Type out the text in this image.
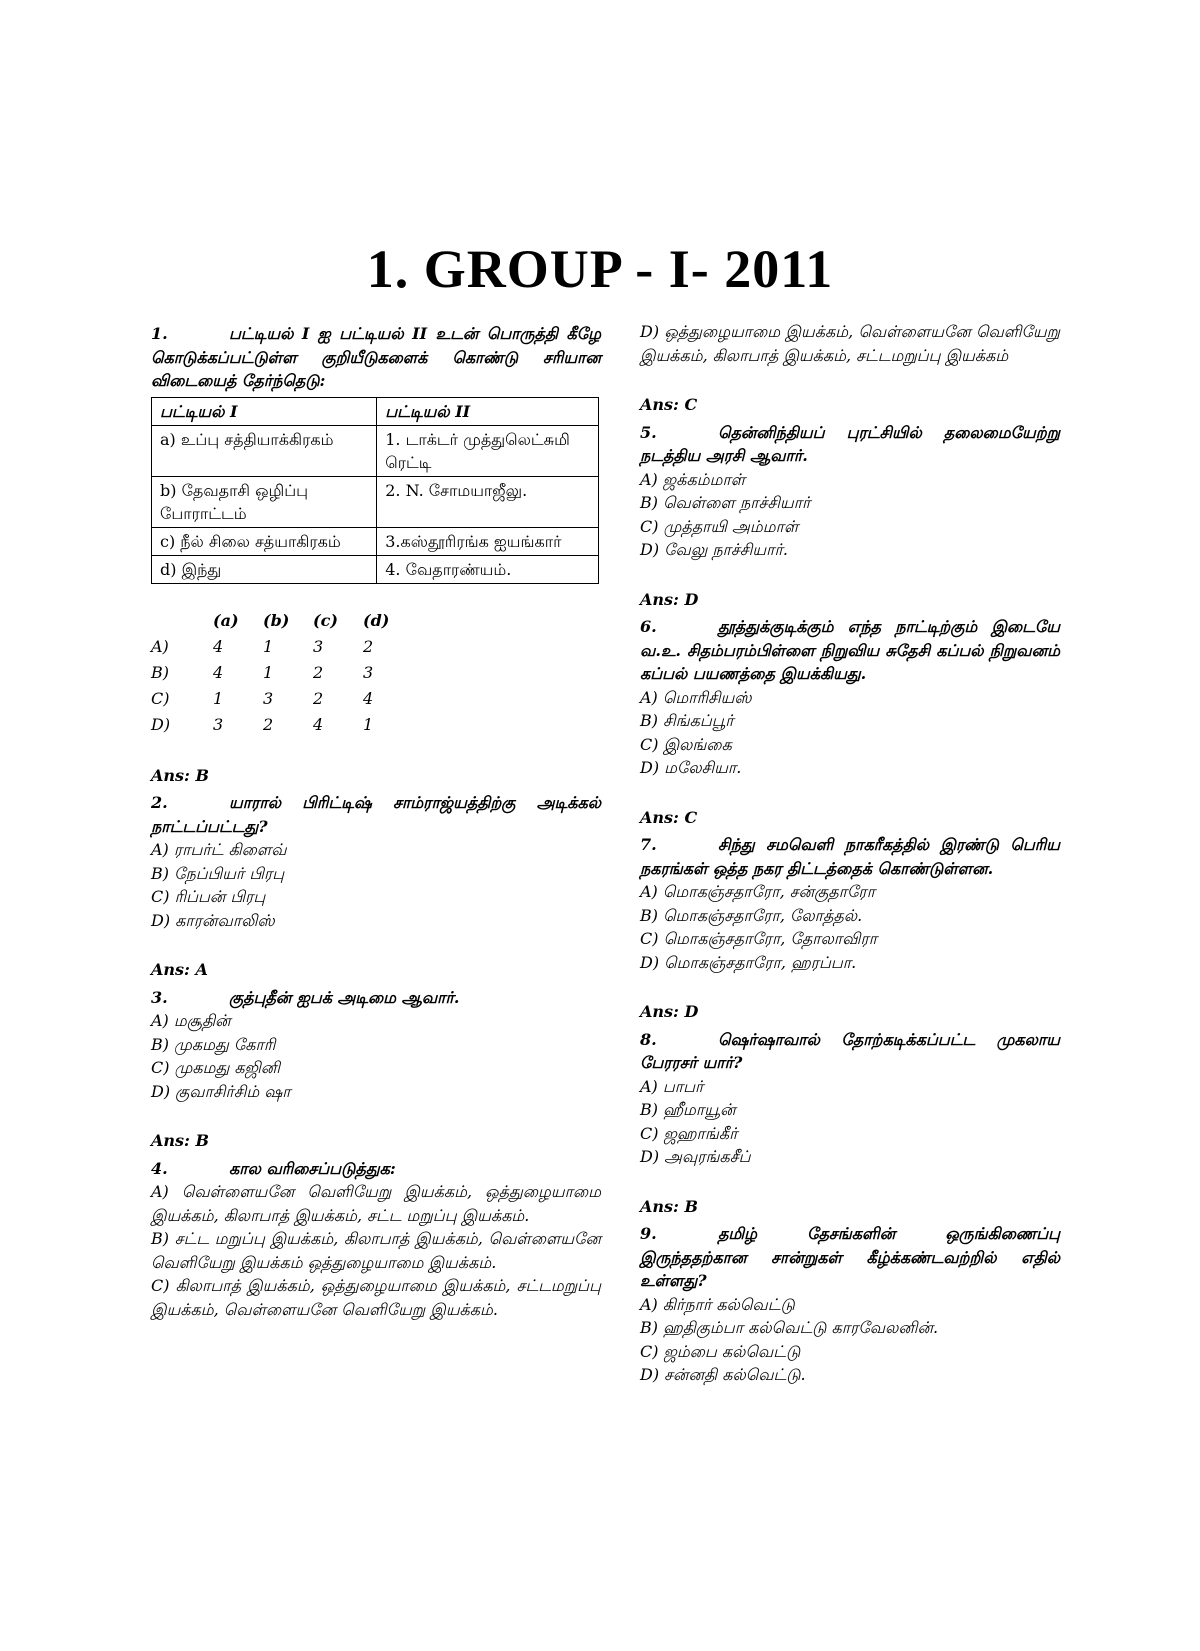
1. GROUP - I- 2011

1.	பட்டியல் I ஐ பட்டியல் II உடன் பொருத்தி கீழே கொடுக்கப்பட்டுள்ள குறியீடுகளைக் கொண்டு சரியான விடையைத் தேர்ந்தெடு:

பட்டியல் I	பட்டியல் II
a) உப்பு சத்தியாக்கிரகம்	1. டாக்டர் முத்துலெட்சுமி ரெட்டி
b) தேவதாசி ஒழிப்பு போராட்டம்	2. N. சோமயாஜீலு.
c) நீல் சிலை சத்யாகிரகம்	3.கஸ்தூரிரங்க ஐயங்கார்
d) இந்து	4. வேதாரண்யம்.
	(a)	(b)	(c)	(d)
A)	4	1	3	2
B)	4	1	2	3
C)	1	3	2	4
D)	3	2	4	1

Ans: B

2.	யாரால் பிரிட்டிஷ் சாம்ராஜ்யத்திற்கு அடிக்கல் நாட்டப்பட்டது?

A) ராபர்ட் கிளைவ்

B) நேப்பியர் பிரபு

C) ரிப்பன் பிரபு

D) காரன்வாலிஸ்

Ans: A

3.	குத்புதீன் ஐபக் அடிமை ஆவார்.

A) மசூதின்

B) முகமது கோரி

C) முகமது கஜினி

D) குவாசிர்சிம் ஷா

Ans: B

4.	கால வரிசைப்படுத்துக:

A) வெள்ளையனே வெளியேறு இயக்கம், ஒத்துழையாமை இயக்கம், கிலாபாத் இயக்கம், சட்ட மறுப்பு இயக்கம்.

B) சட்ட மறுப்பு இயக்கம், கிலாபாத் இயக்கம், வெள்ளையனே வெளியேறு இயக்கம் ஒத்துழையாமை இயக்கம்.

C) கிலாபாத் இயக்கம், ஒத்துழையாமை இயக்கம், சட்டமறுப்பு இயக்கம், வெள்ளையனே வெளியேறு இயக்கம்.

D) ஒத்துழையாமை இயக்கம், வெள்ளையனே வெளியேறு இயக்கம், கிலாபாத் இயக்கம், சட்டமறுப்பு இயக்கம்

Ans: C

5.	தென்னிந்தியப் புரட்சியில் தலைமையேற்று நடத்திய அரசி ஆவார்.

A) ஜக்கம்மாள்

B) வெள்ளை நாச்சியார்

C) முத்தாயி அம்மாள்

D) வேலு நாச்சியார்.

Ans: D

6.	தூத்துக்குடிக்கும் எந்த நாட்டிற்கும் இடையே வ.உ. சிதம்பரம்பிள்ளை நிறுவிய சுதேசி கப்பல் நிறுவனம் கப்பல் பயணத்தை இயக்கியது.

A) மொரிசியஸ்

B) சிங்கப்பூர்

C) இலங்கை

D) மலேசியா.

Ans: C

7.	சிந்து சமவெளி நாகரீகத்தில் இரண்டு பெரிய நகரங்கள் ஒத்த நகர திட்டத்தைக் கொண்டுள்ளன.

A) மொகஞ்சதாரோ, சன்குதாரோ

B) மொகஞ்சதாரோ, லோத்தல்.

C) மொகஞ்சதாரோ, தோலாவிரா

D) மொகஞ்சதாரோ, ஹரப்பா.

Ans: D

8.	ஷெர்ஷாவால் தோற்கடிக்கப்பட்ட முகலாய பேரரசர் யார்?

A) பாபர்

B) ஹீமாயூன்

C) ஜஹாங்கீர்

D) அவுரங்கசீப்

Ans: B

9.	தமிழ் தேசங்களின் ஒருங்கிணைப்பு இருந்ததற்கான சான்றுகள் கீழ்க்கண்டவற்றில் எதில் உள்ளது?

A) கிர்நார் கல்வெட்டு

B) ஹதிகும்பா கல்வெட்டு காரவேலனின்.

C) ஜம்பை கல்வெட்டு

D) சன்னதி கல்வெட்டு.
